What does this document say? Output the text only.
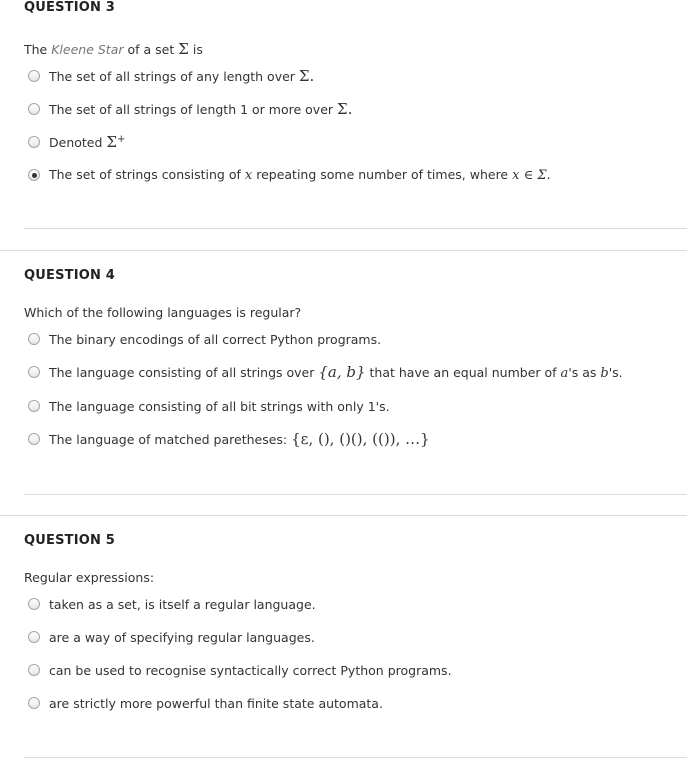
QUESTION 3
The Kleene Star of a set Σ is
The set of all strings of any length over Σ.
The set of all strings of length 1 or more over Σ.
Denoted Σ+
The set of strings consisting of x repeating some number of times, where x ∈ Σ.
QUESTION 4
Which of the following languages is regular?
The binary encodings of all correct Python programs.
The language consisting of all strings over {a, b} that have an equal number of a's as b's.
The language consisting of all bit strings with only 1's.
The language of matched paretheses: {ε, (), ()(), (()), …}
QUESTION 5
Regular expressions:
taken as a set, is itself a regular language.
are a way of specifying regular languages.
can be used to recognise syntactically correct Python programs.
are strictly more powerful than finite state automata.
